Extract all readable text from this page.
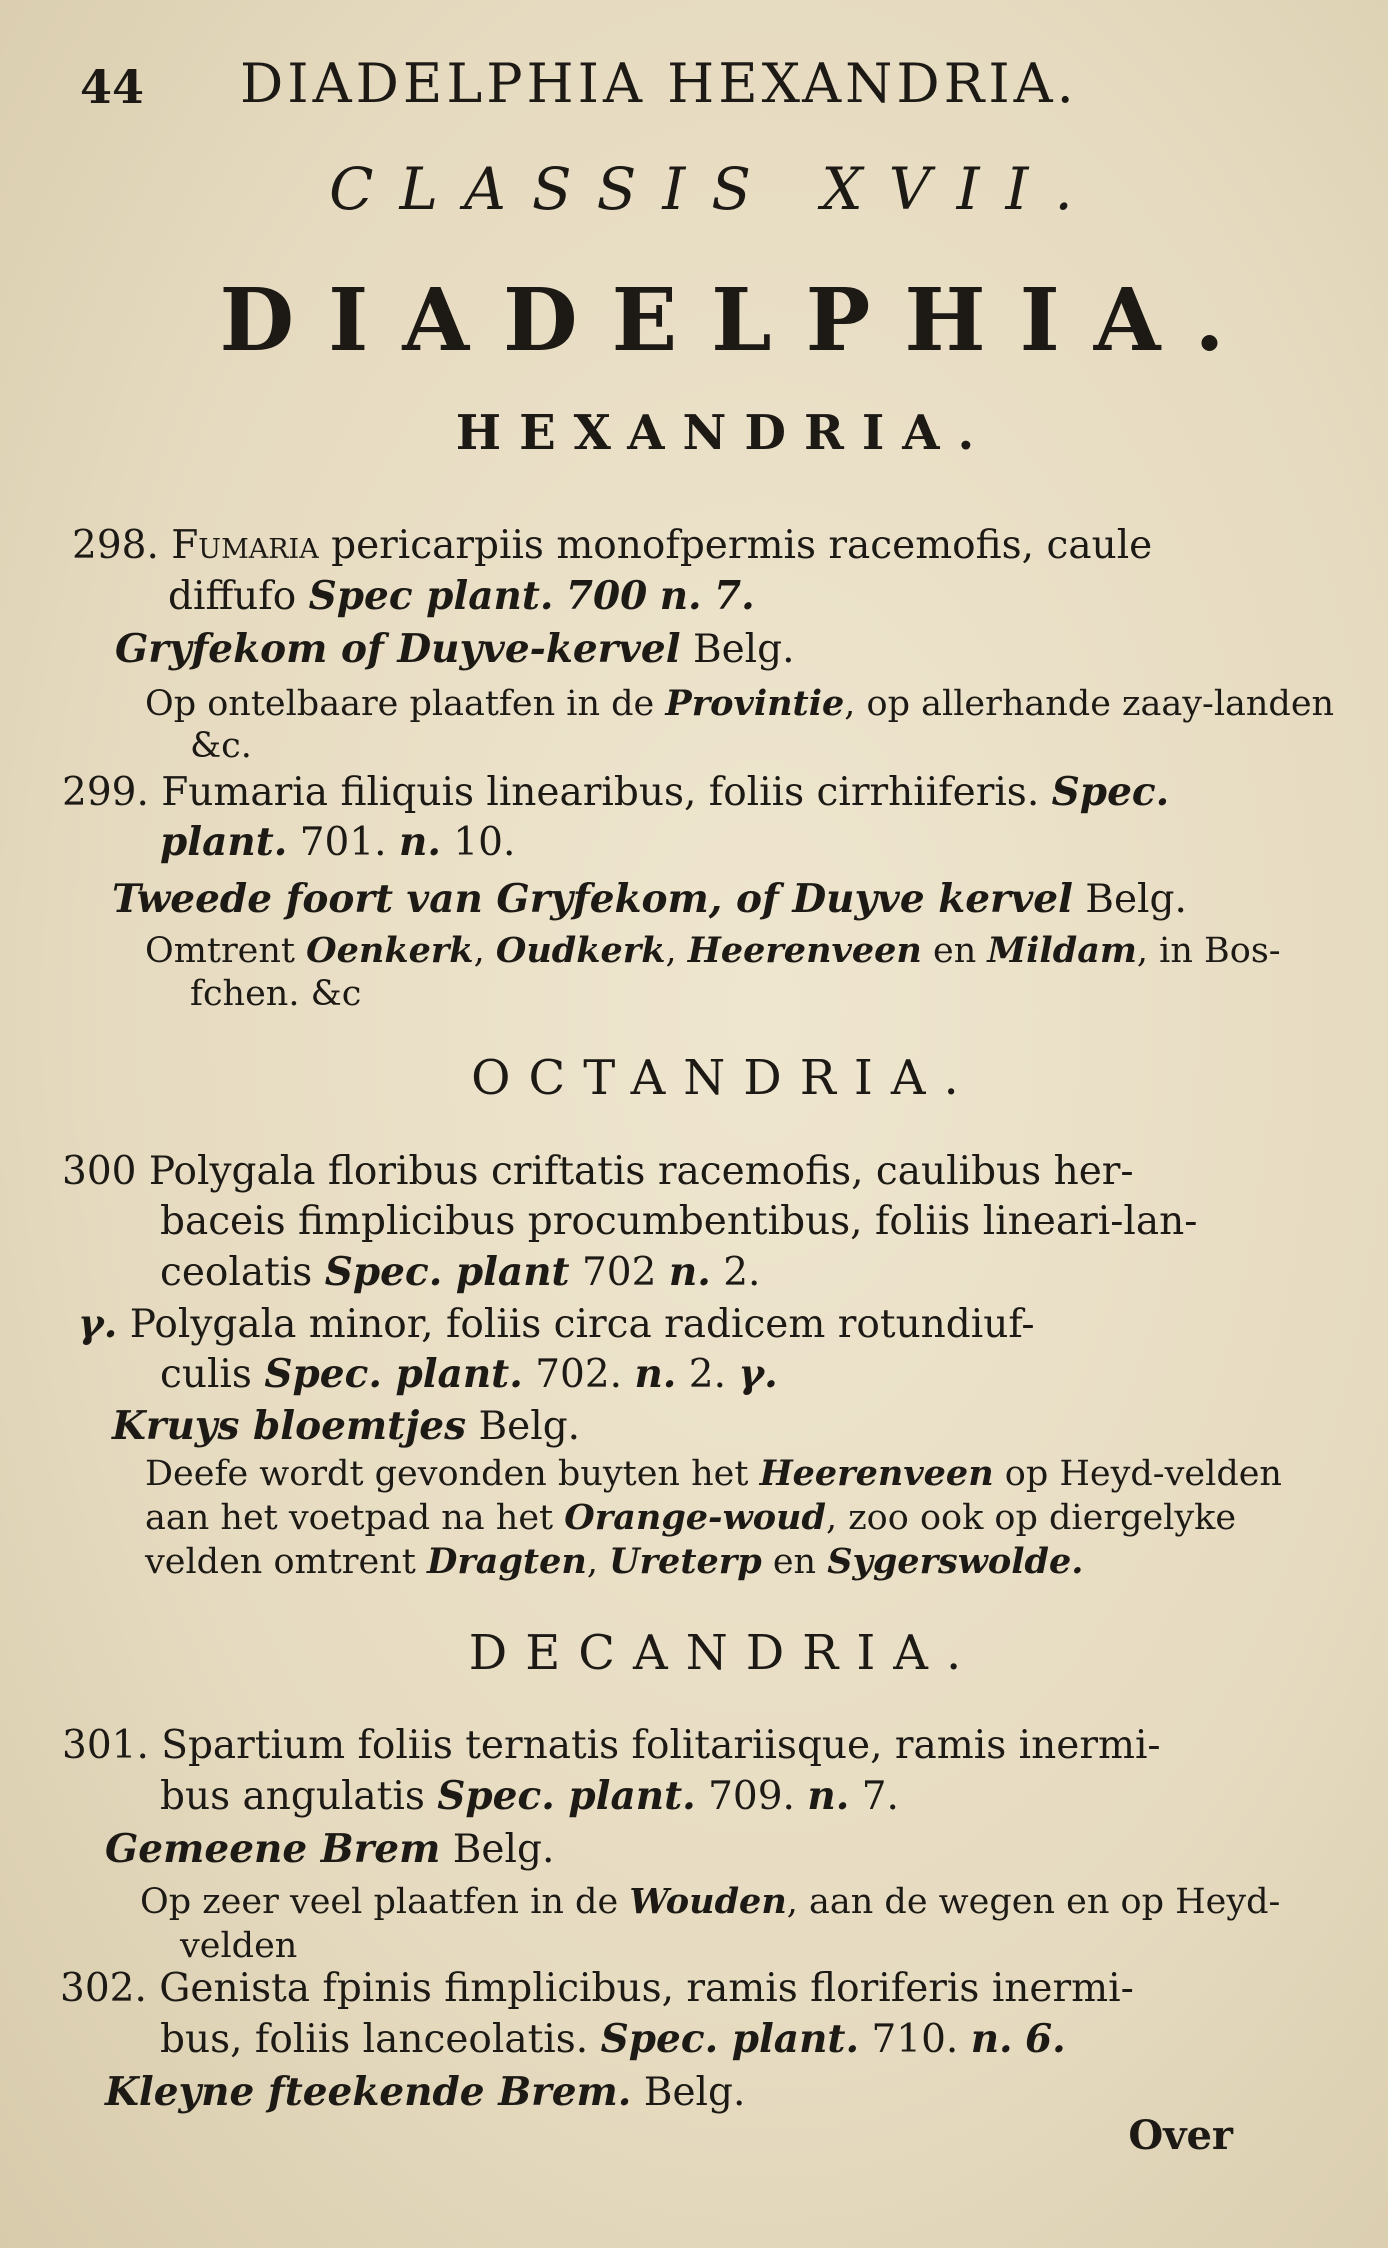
44 DIADELPHIA HEXANDRIA.
CLASSIS XVII.
DIADELPHIA.
HEXANDRIA.
298. Fumaria pericarpiis monofpermis racemofis, caule
diffufo Spec plant. 700 n. 7.
Gryfekom of Duyve-kervel Belg.
Op ontelbaare plaatfen in de Provintie, op allerhande zaay-landen
&c.
299. Fumaria filiquis linearibus, foliis cirrhiiferis. Spec.
plant. 701. n. 10.
Tweede foort van Gryfekom, of Duyve kervel Belg.
Omtrent Oenkerk, Oudkerk, Heerenveen en Mildam, in Bos-
fchen. &c
OCTANDRIA.
300 Polygala floribus criftatis racemofis, caulibus her-
baceis fimplicibus procumbentibus, foliis lineari-lan-
ceolatis Spec. plant 702 n. 2.
γ. Polygala minor, foliis circa radicem rotundiuf-
culis Spec. plant. 702. n. 2. γ.
Kruys bloemtjes Belg.
Deefe wordt gevonden buyten het Heerenveen op Heyd-velden
aan het voetpad na het Orange-woud, zoo ook op diergelyke
velden omtrent Dragten, Ureterp en Sygerswolde.
DECANDRIA.
301. Spartium foliis ternatis folitariisque, ramis inermi-
bus angulatis Spec. plant. 709. n. 7.
Gemeene Brem Belg.
Op zeer veel plaatfen in de Wouden, aan de wegen en op Heyd-
velden
302. Genista fpinis fimplicibus, ramis floriferis inermi-
bus, foliis lanceolatis. Spec. plant. 710. n. 6.
Kleyne fteekende Brem. Belg.
Over
